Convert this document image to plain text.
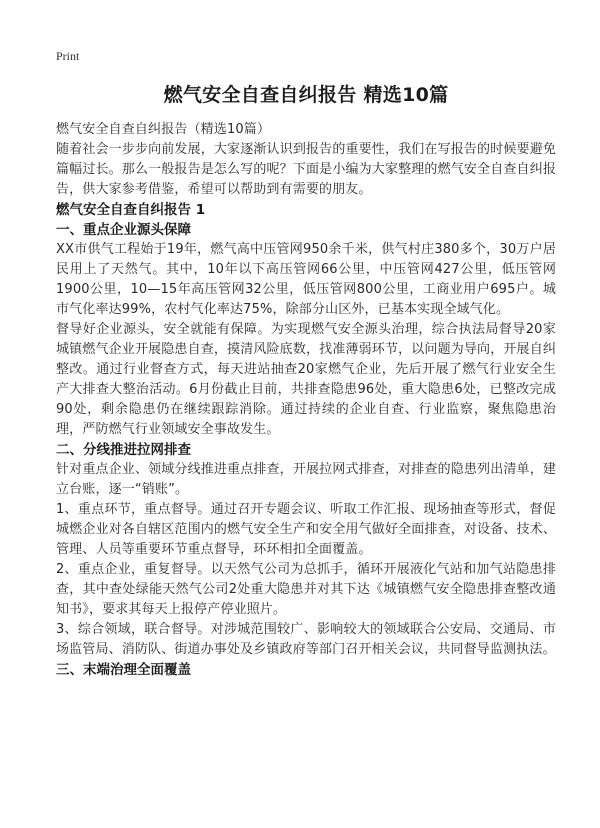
Print
燃气安全自查自纠报告 精选10篇

燃气安全自查自纠报告（精选10篇）

随着社会一步步向前发展，大家逐渐认识到报告的重要性，我们在写报告的时候要避免篇幅过长。那么一般报告是怎么写的呢？下面是小编为大家整理的燃气安全自查自纠报告，供大家参考借鉴，希望可以帮助到有需要的朋友。

燃气安全自查自纠报告 1
一、重点企业源头保障

XX市供气工程始于19年，燃气高中压管网950余千米，供气村庄380多个，30万户居民用上了天然气。其中，10年以下高压管网66公里，中压管网427公里，低压管网1900公里，10—15年高压管网32公里，低压管网800公里，工商业用户695户。城市气化率达99%，农村气化率达75%，除部分山区外，已基本实现全域气化。

督导好企业源头，安全就能有保障。为实现燃气安全源头治理，综合执法局督导20家城镇燃气企业开展隐患自查，摸清风险底数，找准薄弱环节，以问题为导向，开展自纠整改。通过行业督查方式，每天进站抽查20家燃气企业，先后开展了燃气行业安全生产大排查大整治活动。6月份截止目前，共排查隐患96处，重大隐患6处，已整改完成90处，剩余隐患仍在继续跟踪消除。通过持续的企业自查、行业监察，聚焦隐患治理，严防燃气行业领域安全事故发生。

二、分线推进拉网排查

针对重点企业、领域分线推进重点排查，开展拉网式排查，对排查的隐患列出清单，建立台账，逐一“销账”。

1、重点环节，重点督导。通过召开专题会议、听取工作汇报、现场抽查等形式，督促城燃企业对各自辖区范围内的燃气安全生产和安全用气做好全面排查，对设备、技术、管理、人员等重要环节重点督导，环环相扣全面覆盖。

2、重点企业，重复督导。以天然气公司为总抓手，循环开展液化气站和加气站隐患排查，其中查处绿能天然气公司2处重大隐患并对其下达《城镇燃气安全隐患排查整改通知书》，要求其每天上报停产停业照片。

3、综合领域，联合督导。对涉城范围较广、影响较大的领域联合公安局、交通局、市场监管局、消防队、街道办事处及乡镇政府等部门召开相关会议，共同督导监测执法。

三、末端治理全面覆盖
